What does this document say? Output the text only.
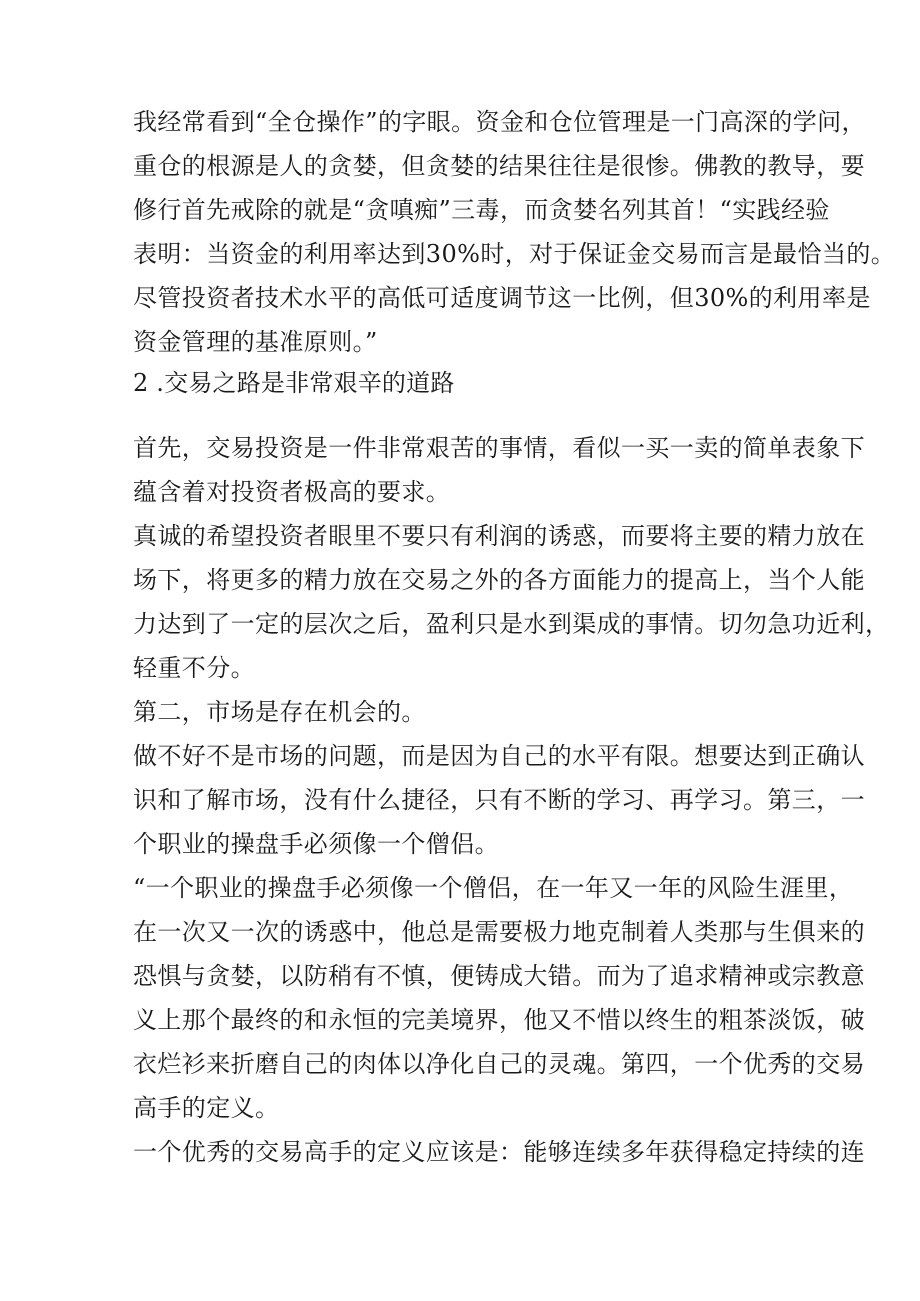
我经常看到“全仓操作”的字眼。资金和仓位管理是一门高深的学问，
重仓的根源是人的贪婪，但贪婪的结果往往是很惨。佛教的教导，要
修行首先戒除的就是“贪嗔痴”三毒，而贪婪名列其首！“实践经验
表明：当资金的利用率达到30%时，对于保证金交易而言是最恰当的。
尽管投资者技术水平的高低可适度调节这一比例，但30%的利用率是
资金管理的基准原则。”
2 .交易之路是非常艰辛的道路
首先，交易投资是一件非常艰苦的事情，看似一买一卖的简单表象下
蕴含着对投资者极高的要求。
真诚的希望投资者眼里不要只有利润的诱惑，而要将主要的精力放在
场下，将更多的精力放在交易之外的各方面能力的提高上，当个人能
力达到了一定的层次之后，盈利只是水到渠成的事情。切勿急功近利，
轻重不分。
第二，市场是存在机会的。
做不好不是市场的问题，而是因为自己的水平有限。想要达到正确认
识和了解市场，没有什么捷径，只有不断的学习、再学习。第三，一
个职业的操盘手必须像一个僧侣。
“一个职业的操盘手必须像一个僧侣，在一年又一年的风险生涯里，
在一次又一次的诱惑中，他总是需要极力地克制着人类那与生俱来的
恐惧与贪婪，以防稍有不慎，便铸成大错。而为了追求精神或宗教意
义上那个最终的和永恒的完美境界，他又不惜以终生的粗茶淡饭，破
衣烂衫来折磨自己的肉体以净化自己的灵魂。第四，一个优秀的交易
高手的定义。
一个优秀的交易高手的定义应该是：能够连续多年获得稳定持续的连
